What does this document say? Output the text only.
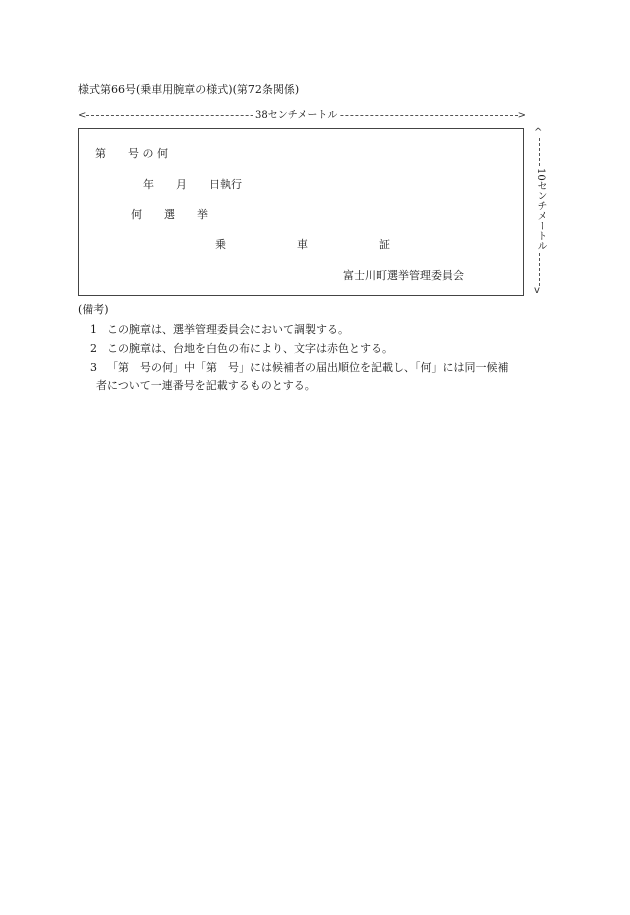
様式第66号(乗車用腕章の様式)(第72条関係)
<	>
38センチメートル
第　　号 の 何
年　　月　　日執行
何　　選　　挙
乗	車	証
富士川町選挙管理委員会
^
v
10センチメートル
(備考)
1 この腕章は、選挙管理委員会において調製する。
2 この腕章は、台地を白色の布により、文字は赤色とする。
3 「第　号の何」中「第　号」には候補者の届出順位を記載し、「何」には同一候補
者について一連番号を記載するものとする。
